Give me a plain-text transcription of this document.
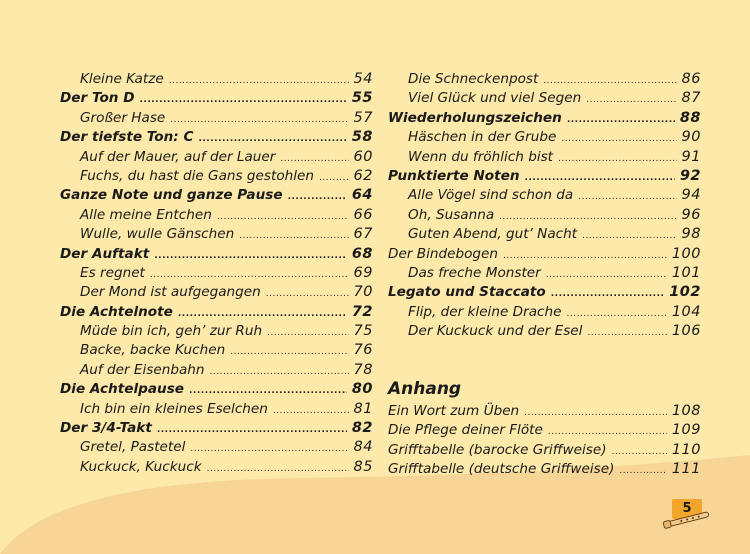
Kleine Katze .....	54
Der Ton D .....	55
Großer Hase .....	57
Der tiefste Ton: C .....	58
Auf der Mauer, auf der Lauer .....	60
Fuchs, du hast die Gans gestohlen .....	62
Ganze Note und ganze Pause .....	64
Alle meine Entchen .....	66
Wulle, wulle Gänschen .....	67
Der Auftakt .....	68
Es regnet .....	69
Der Mond ist aufgegangen .....	70
Die Achtelnote .....	72
Müde bin ich, geh’ zur Ruh .....	75
Backe, backe Kuchen .....	76
Auf der Eisenbahn .....	78
Die Achtelpause .....	80
Ich bin ein kleines Eselchen .....	81
Der 3/4-Takt .....	82
Gretel, Pastetel .....	84
Kuckuck, Kuckuck .....	85
Die Schneckenpost .....	86
Viel Glück und viel Segen .....	87
Wiederholungszeichen .....	88
Häschen in der Grube .....	90
Wenn du fröhlich bist .....	91
Punktierte Noten .....	92
Alle Vögel sind schon da .....	94
Oh, Susanna .....	96
Guten Abend, gut’ Nacht .....	98
Der Bindebogen .....	100
Das freche Monster .....	101
Legato und Staccato .....	102
Flip, der kleine Drache .....	104
Der Kuckuck und der Esel .....	106
Anhang
Ein Wort zum Üben .....	108
Die Pflege deiner Flöte .....	109
Grifftabelle (barocke Griffweise) .....	110
Grifftabelle (deutsche Griffweise) .....	111
5
